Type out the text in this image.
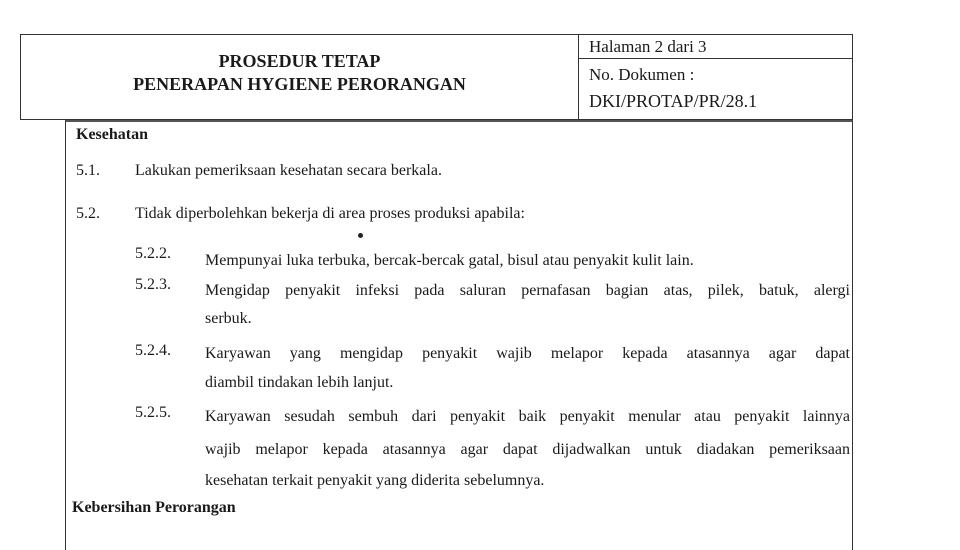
PROSEDUR TETAP
PENERAPAN HYGIENE PERORANGAN
Halaman 2 dari 3
No. Dokumen :
DKI/PROTAP/PR/28.1
Kesehatan
5.1. Lakukan pemeriksaan kesehatan secara berkala.
5.2. Tidak diperbolehkan bekerja di area proses produksi apabila:
5.2.2. Mempunyai luka terbuka, bercak-bercak gatal, bisul atau penyakit kulit lain.
5.2.3. Mengidap penyakit infeksi pada saluran pernafasan bagian atas, pilek, batuk, alergi
serbuk.
5.2.4. Karyawan yang mengidap penyakit wajib melapor kepada atasannya agar dapat
diambil tindakan lebih lanjut.
5.2.5. Karyawan sesudah sembuh dari penyakit baik penyakit menular atau penyakit lainnya
wajib melapor kepada atasannya agar dapat dijadwalkan untuk diadakan pemeriksaan
kesehatan terkait penyakit yang diderita sebelumnya.
Kebersihan Perorangan
